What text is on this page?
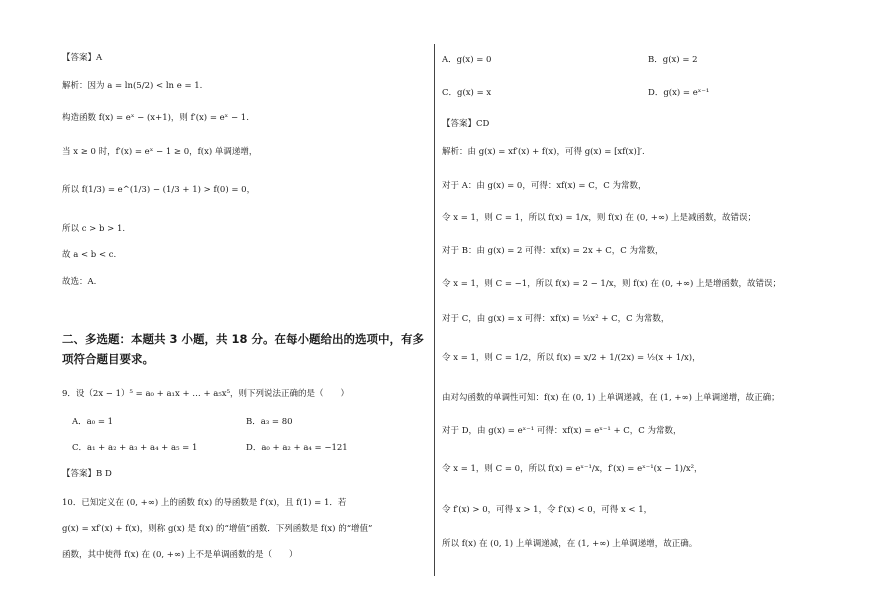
【答案】A
解析：因为 a = ln(5/2) < ln e = 1.
构造函数 f(x) = eˣ − (x+1)，则 f′(x) = eˣ − 1.
当 x ≥ 0 时，f′(x) = eˣ − 1 ≥ 0，f(x) 单调递增，
所以 f(1/3) = e^(1/3) − (1/3 + 1) > f(0) = 0，
所以 c > b > 1.
故 a < b < c.
故选：A.
二、多选题：本题共 3 小题，共 18 分。在每小题给出的选项中，有多
项符合题目要求。
9．设（2x − 1）⁵ = a₀ + a₁x + … + a₅x⁵，则下列说法正确的是（　　）
A．a₀ = 1	B．a₃ = 80
C．a₁ + a₂ + a₃ + a₄ + a₅ = 1	D．a₀ + a₂ + a₄ = −121
【答案】B D
10．已知定义在 (0, +∞) 上的函数 f(x) 的导函数是 f′(x)，且 f(1) = 1．若
g(x) = xf′(x) + f(x)，则称 g(x) 是 f(x) 的“增值”函数．下列函数是 f(x) 的“增值”
函数，其中使得 f(x) 在 (0, +∞) 上不是单调函数的是（　　）
A．g(x) = 0	B．g(x) = 2
C．g(x) = x	D．g(x) = eˣ⁻¹
【答案】CD
解析：由 g(x) = xf′(x) + f(x)，可得 g(x) = [xf(x)]′.
对于 A：由 g(x) = 0，可得：xf(x) = C，C 为常数，
令 x = 1，则 C = 1，所以 f(x) = 1/x，则 f(x) 在 (0, +∞) 上是减函数，故错误；
对于 B：由 g(x) = 2 可得：xf(x) = 2x + C，C 为常数，
令 x = 1，则 C = −1，所以 f(x) = 2 − 1/x，则 f(x) 在 (0, +∞) 上是增函数，故错误；
对于 C，由 g(x) = x 可得：xf(x) = ½x² + C，C 为常数，
令 x = 1，则 C = 1/2，所以 f(x) = x/2 + 1/(2x) = ½(x + 1/x)，
由对勾函数的单调性可知：f(x) 在 (0, 1) 上单调递减，在 (1, +∞) 上单调递增，故正确；
对于 D，由 g(x) = eˣ⁻¹ 可得：xf(x) = eˣ⁻¹ + C，C 为常数，
令 x = 1，则 C = 0，所以 f(x) = eˣ⁻¹/x，f′(x) = eˣ⁻¹(x − 1)/x²，
令 f′(x) > 0，可得 x > 1，令 f′(x) < 0，可得 x < 1，
所以 f(x) 在 (0, 1) 上单调递减，在 (1, +∞) 上单调递增，故正确。
